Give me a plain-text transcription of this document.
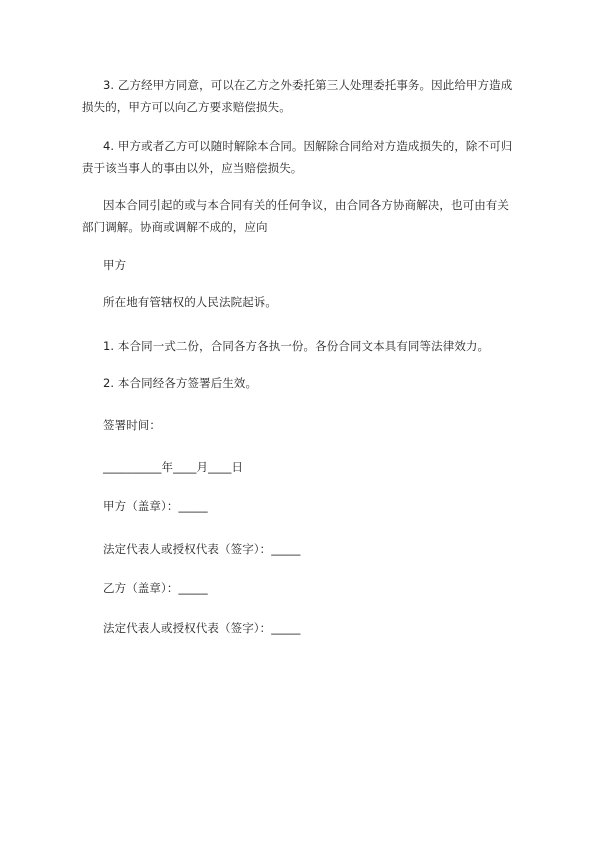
3. 乙方经甲方同意，可以在乙方之外委托第三人处理委托事务。因此给甲方造成损失的，甲方可以向乙方要求赔偿损失。

4. 甲方或者乙方可以随时解除本合同。因解除合同给对方造成损失的，除不可归责于该当事人的事由以外，应当赔偿损失。

因本合同引起的或与本合同有关的任何争议，由合同各方协商解决，也可由有关部门调解。协商或调解不成的，应向

甲方

所在地有管辖权的人民法院起诉。

1. 本合同一式二份，合同各方各执一份。各份合同文本具有同等法律效力。

2. 本合同经各方签署后生效。

签署时间：

__________年____月____日

甲方（盖章）：_____

法定代表人或授权代表（签字）：_____

乙方（盖章）：_____

法定代表人或授权代表（签字）：_____
